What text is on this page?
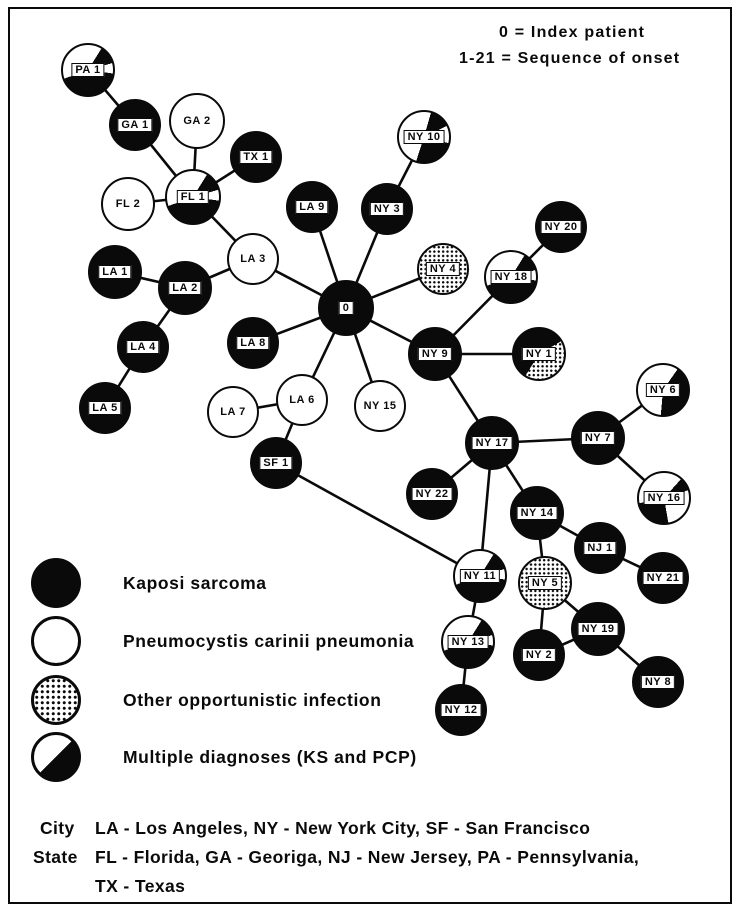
PA 1
GA 1	GA 2
TX 1
FL 2
FL 1
LA 9
NY 10
NY 3
NY 4
NY 20
NY 18
LA 1
LA 2
LA 3
0
LA 8
NY 9	NY 1
LA 4
LA 5	LA 7
LA 6	NY 15
NY 6
NY 17	NY 7
SF 1
NY 16
NY 22
NY 14
NJ 1
NY 11
NY 5	NY 21
NY 13
NY 19
NY 2
NY 8
NY 12
0 = Index patient
1-21 = Sequence of onset
Kaposi sarcoma
Pneumocystis carinii pneumonia
Other opportunistic infection
Multiple diagnoses (KS and PCP)
City LA - Los Angeles, NY - New York City, SF - San Francisco
State FL - Florida, GA - Georiga, NJ - New Jersey, PA - Pennsylvania,
TX - Texas
